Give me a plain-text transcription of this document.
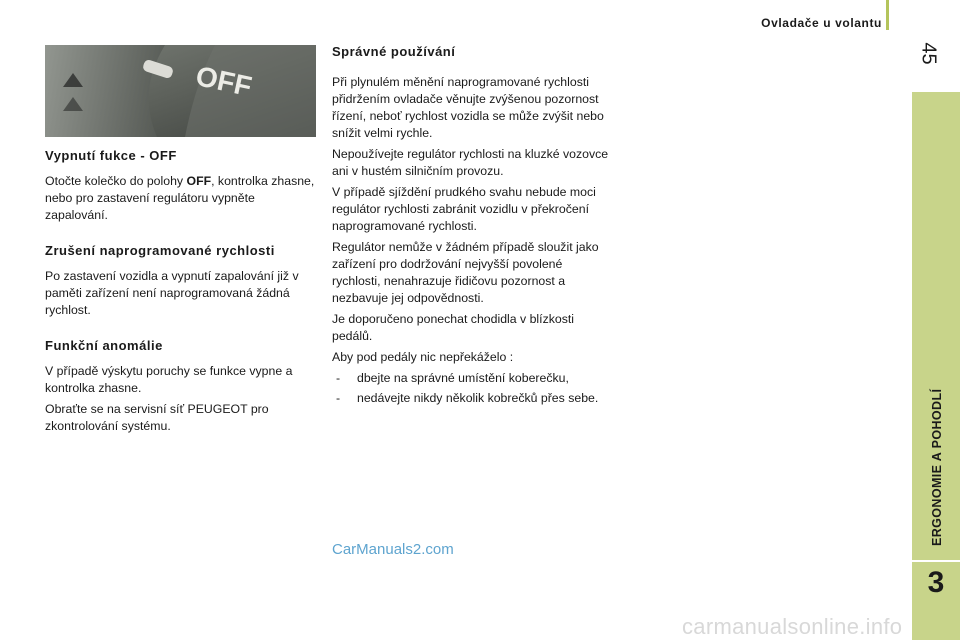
Ovladače u volantu
45
ERGONOMIE A POHODLÍ
3
OFF
Vypnutí fukce - OFF

Otočte kolečko do polohy OFF, kontrolka zhasne, nebo pro zastavení regulátoru vypněte zapalování.

Zrušení naprogramované rychlosti

Po zastavení vozidla a vypnutí zapalování již v paměti zařízení není naprogramovaná žádná rychlost.

Funkční anomálie

V případě výskytu poruchy se funkce vypne a kontrolka zhasne.

Obraťte se na servisní síť PEUGEOT pro zkontrolování systému.

Správné používání

Při plynulém měnění naprogramované rychlosti přidržením ovladače věnujte zvýšenou pozornost řízení, neboť rychlost vozidla se může zvýšit nebo snížit velmi rychle.

Nepoužívejte regulátor rychlosti na kluzké vozovce ani v hustém silničním provozu.

V případě sjíždění prudkého svahu nebude moci regulátor rychlosti zabránit vozidlu v překročení naprogramované rychlosti.

Regulátor nemůže v žádném případě sloužit jako zařízení pro dodržování nejvyšší povolené rychlosti, nenahrazuje řidičovu pozornost a nezbavuje jej odpovědnosti.

Je doporučeno ponechat chodidla v blízkosti pedálů.

Aby pod pedály nic nepřekáželo :

- dbejte na správné umístění koberečku,
- nedávejte nikdy několik kobrečků přes sebe.
CarManuals2.com
carmanualsonline.info
